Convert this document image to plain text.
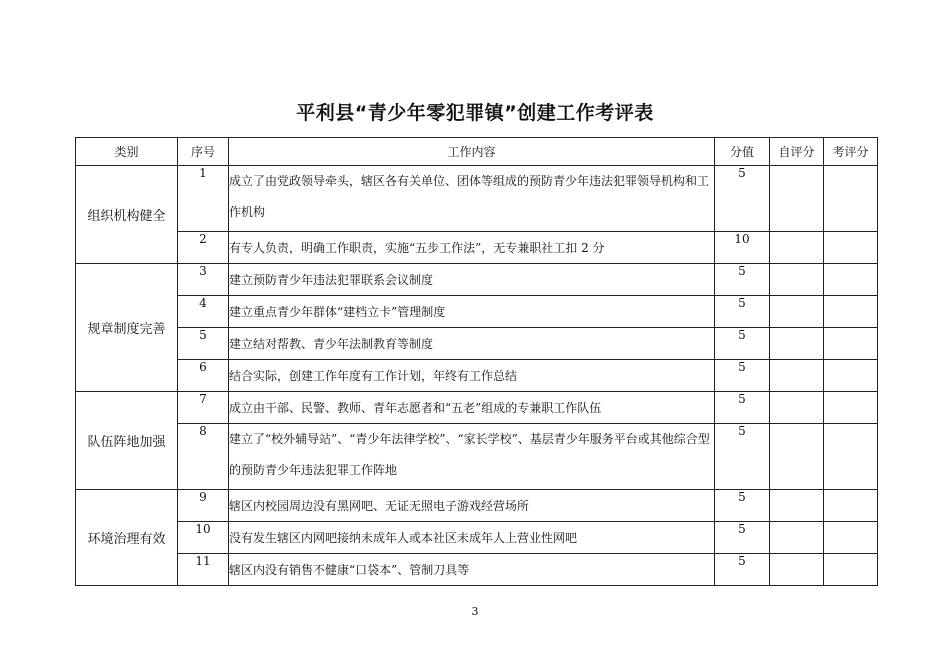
平利县“青少年零犯罪镇”创建工作考评表
类别	序号	工作内容	分值	自评分	考评分
组织机构健全	1	成立了由党政领导牵头，辖区各有关单位、团体等组成的预防青少年违法犯罪领导机构和工作机构	5		
	2	有专人负责，明确工作职责，实施“五步工作法”，无专兼职社工扣 2 分	10		
规章制度完善	3	建立预防青少年违法犯罪联系会议制度	5		
	4	建立重点青少年群体“建档立卡”管理制度	5		
	5	建立结对帮教、青少年法制教育等制度	5		
	6	结合实际，创建工作年度有工作计划，年终有工作总结	5		
队伍阵地加强	7	成立由干部、民警、教师、青年志愿者和“五老”组成的专兼职工作队伍	5		
	8	建立了“校外辅导站”、“青少年法律学校”、“家长学校”、基层青少年服务平台或其他综合型的预防青少年违法犯罪工作阵地	5		
环境治理有效	9	辖区内校园周边没有黑网吧、无证无照电子游戏经营场所	5		
	10	没有发生辖区内网吧接纳未成年人或本社区未成年人上营业性网吧	5		
	11	辖区内没有销售不健康“口袋本”、管制刀具等	5		
3
